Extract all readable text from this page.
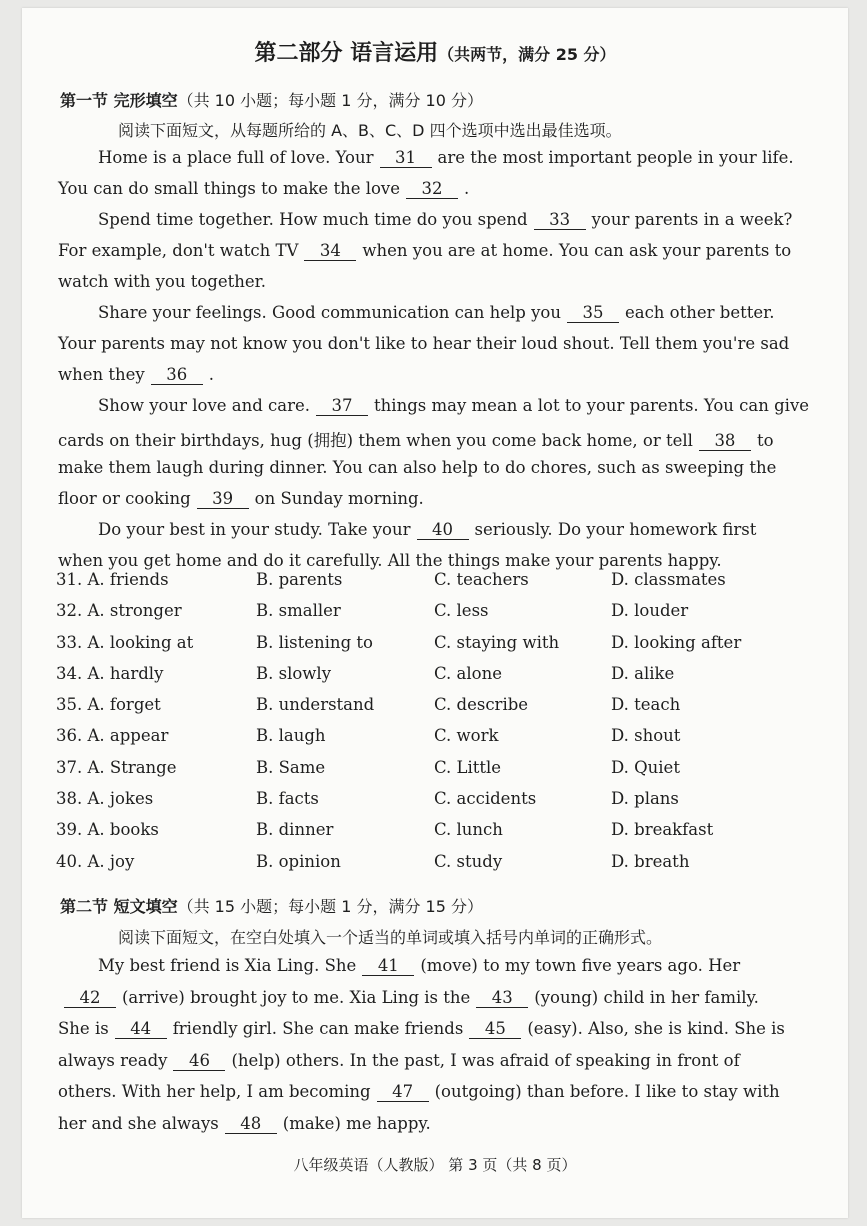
第二部分 语言运用（共两节，满分 25 分）
第一节 完形填空（共 10 小题；每小题 1 分，满分 10 分）
阅读下面短文，从每题所给的 A、B、C、D 四个选项中选出最佳选项。
Home is a place full of love. Your 31 are the most important people in your life.
You can do small things to make the love 32 .
Spend time together. How much time do you spend 33 your parents in a week?
For example, don't watch TV 34 when you are at home. You can ask your parents to
watch with you together.
Share your feelings. Good communication can help you 35 each other better.
Your parents may not know you don't like to hear their loud shout. Tell them you're sad
when they 36 .
Show your love and care. 37 things may mean a lot to your parents. You can give
cards on their birthdays, hug (拥抱) them when you come back home, or tell 38 to
make them laugh during dinner. You can also help to do chores, such as sweeping the
floor or cooking 39 on Sunday morning.
Do your best in your study. Take your 40 seriously. Do your homework first
when you get home and do it carefully. All the things make your parents happy.
31. A. friends	B. parents	C. teachers	D. classmates
32. A. stronger	B. smaller	C. less	D. louder
33. A. looking at	B. listening to	C. staying with	D. looking after
34. A. hardly	B. slowly	C. alone	D. alike
35. A. forget	B. understand	C. describe	D. teach
36. A. appear	B. laugh	C. work	D. shout
37. A. Strange	B. Same	C. Little	D. Quiet
38. A. jokes	B. facts	C. accidents	D. plans
39. A. books	B. dinner	C. lunch	D. breakfast
40. A. joy	B. opinion	C. study	D. breath
第二节 短文填空（共 15 小题；每小题 1 分，满分 15 分）
阅读下面短文，在空白处填入一个适当的单词或填入括号内单词的正确形式。
My best friend is Xia Ling. She 41 (move) to my town five years ago. Her
42 (arrive) brought joy to me. Xia Ling is the 43 (young) child in her family.
She is 44 friendly girl. She can make friends 45 (easy). Also, she is kind. She is
always ready 46 (help) others. In the past, I was afraid of speaking in front of
others. With her help, I am becoming 47 (outgoing) than before. I like to stay with
her and she always 48 (make) me happy.
八年级英语（人教版） 第 3 页（共 8 页）
